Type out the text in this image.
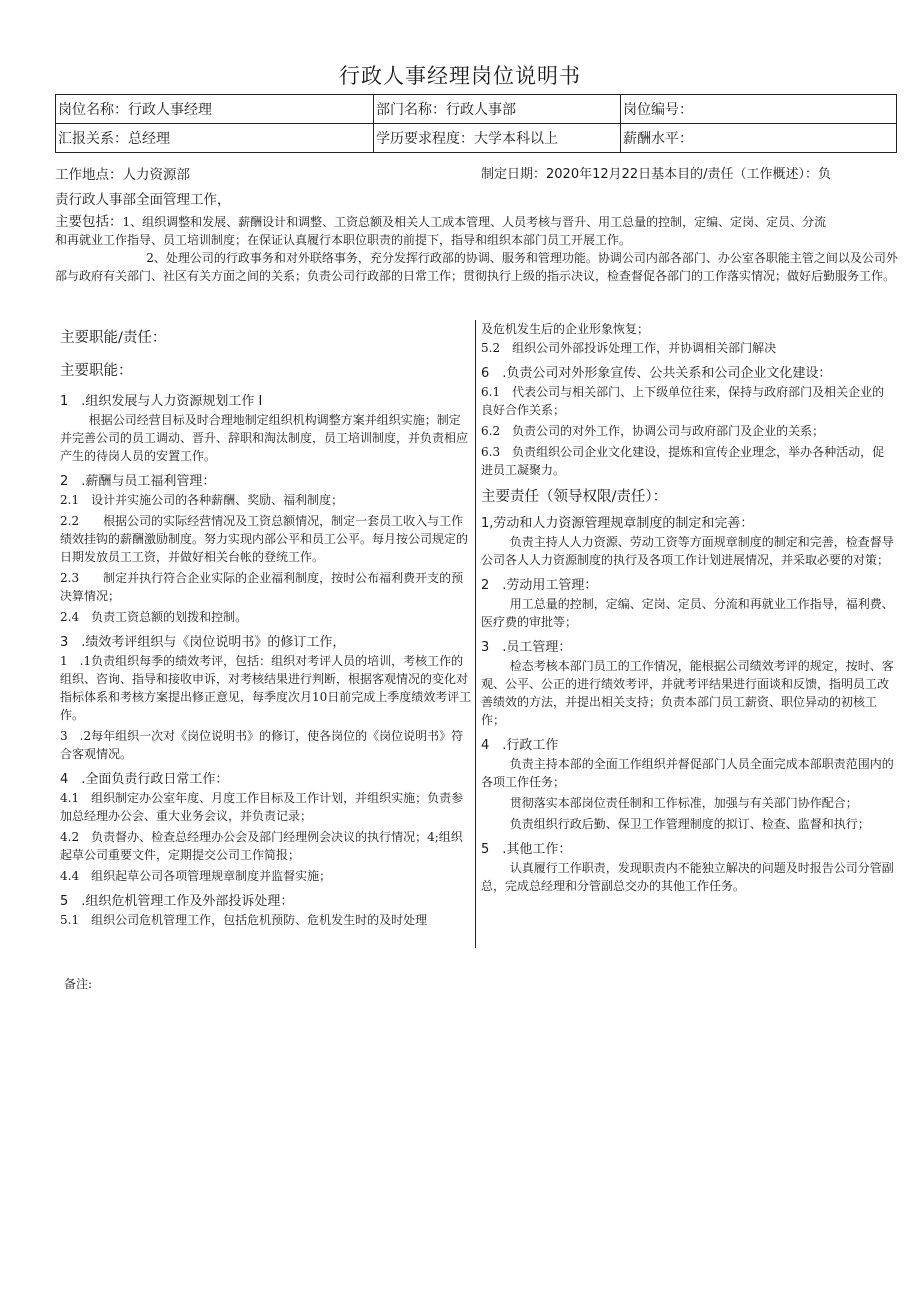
行政人事经理岗位说明书
岗位名称：行政人事经理	部门名称：行政人事部	岗位编号：
汇报关系：总经理	学历要求程度：大学本科以上	薪酬水平：
工作地点：人力资源部	制定日期：2020年12月22日基本目的/责任（工作概述）：负
责行政人事部全面管理工作，
主要包括：1、组织调整和发展、薪酬设计和调整、工资总额及相关人工成本管理、人员考核与晋升、用工总量的控制，定编、定岗、定员、分流
和再就业工作指导、员工培训制度；在保证认真履行本职位职责的前提下，指导和组织本部门员工开展工作。
2、处理公司的行政事务和对外联络事务，充分发挥行政部的协调、服务和管理功能。协调公司内部各部门、办公室各职能主管之间以及公司外部与政府有关部门、社区有关方面之间的关系；负责公司行政部的日常工作；贯彻执行上级的指示决议，检查督促各部门的工作落实情况；做好后勤服务工作。
主要职能/责任：
主要职能：
1　.组织发展与人力资源规划工作 I
根据公司经营目标及时合理地制定组织机构调整方案并组织实施；制定并完善公司的员工调动、晋升、辞职和淘汰制度，员工培训制度，并负责相应产生的待岗人员的安置工作。
2　.薪酬与员工福利管理：
2.1　设计并实施公司的各种薪酬、奖励、福利制度；
2.2　　根据公司的实际经营情况及工资总额情况，制定一套员工收入与工作绩效挂钩的薪酬激励制度。努力实现内部公平和员工公平。每月按公司规定的日期发放员工工资，并做好相关台帐的登统工作。
2.3　　制定并执行符合企业实际的企业福利制度，按时公布福利费开支的预决算情况；
2.4　负责工资总额的划拨和控制。
3　.绩效考评组织与《岗位说明书》的修订工作，
1　.1负责组织每季的绩效考评，包括：组织对考评人员的培训，考核工作的组织、咨询、指导和接收申诉，对考核结果进行判断，根据客观情况的变化对指标体系和考核方案提出修正意见，每季度次月10日前完成上季度绩效考评工作。
3　.2每年组织一次对《岗位说明书》的修订，使各岗位的《岗位说明书》符合客观情况。
4　.全面负责行政日常工作：
4.1　组织制定办公室年度、月度工作目标及工作计划，并组织实施；负责参加总经理办公会、重大业务会议，并负责记录；
4.2　负责督办、检查总经理办公会及部门经理例会决议的执行情况；4;组织起草公司重要文件，定期提交公司工作简报；
4.4　组织起草公司各项管理规章制度并监督实施；
5　.组织危机管理工作及外部投诉处理：
5.1　组织公司危机管理工作，包括危机预防、危机发生时的及时处理
及危机发生后的企业形象恢复；
5.2　组织公司外部投诉处理工作，并协调相关部门解决
6　.负责公司对外形象宣传、公共关系和公司企业文化建设：
6.1　代表公司与相关部门、上下级单位往来，保持与政府部门及相关企业的良好合作关系；
6.2　负责公司的对外工作，协调公司与政府部门及企业的关系；
6.3　负责组织公司企业文化建设，提炼和宣传企业理念，举办各种活动，促进员工凝聚力。
主要责任（领导权限/责任）：
1,劳动和人力资源管理规章制度的制定和完善：
负责主持人人力资源、劳动工资等方面规章制度的制定和完善，检查督导公司各人人力资源制度的执行及各项工作计划进展情况，并采取必要的对策；
2　.劳动用工管理：
用工总量的控制，定编、定岗、定员、分流和再就业工作指导，福利费、医疗费的审批等；
3　.员工管理：
检态考核本部门员工的工作情况，能根据公司绩效考评的规定，按时、客观、公平、公正的进行绩效考评，并就考评结果进行面谈和反馈，指明员工改善绩效的方法，并提出相关支持；负责本部门员工薪资、职位异动的初核工作；
4　.行政工作
负责主持本部的全面工作组织并督促部门人员全面完成本部职责范围内的各项工作任务；
贯彻落实本部岗位责任制和工作标准，加强与有关部门协作配合；
负责组织行政后勤、保卫工作管理制度的拟订、检查、监督和执行；
5　.其他工作：
认真履行工作职责，发现职责内不能独立解决的问题及时报告公司分管副总，完成总经理和分管副总交办的其他工作任务。
备注:
